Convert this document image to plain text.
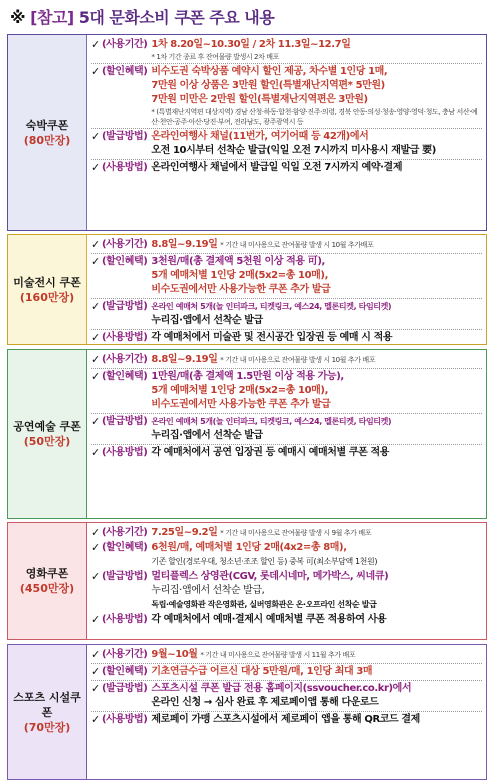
※ [참고] 5대 문화소비 쿠폰 주요 내용
숙박쿠폰
(80만장)
✓ (사용기간) 1차 8.20일~10.30일 / 2차 11.3일~12.7일
* 1차 기간 종료 후 잔여물량 발생시 2차 배포
✓ (할인혜택) 비수도권 숙박상품 예약시 할인 제공, 차수별 1인당 1매,
7만원 이상 상품은 3만원 할인(특별재난지역편* 5만원)
7만원 미만은 2만원 할인(특별재난지역편은 3만원)
* (특별재난지역편 대상지역) 경남 산청·하동·합천·함양·진주·의령, 경북 안동·의성·청송·영양·영덕·청도, 충남 서산·예산·천안·공주·아산·당진·부여, 전라남도, 광주광역시 등
✓ (발급방법) 온라인여행사 채널(11번가, 여기어때 등 42개)에서
오전 10시부터 선착순 발급(익일 오전 7시까지 미사용시 재발급 要)
✓ (사용방법) 온라인여행사 채널에서 발급일 익일 오전 7시까지 예약·결제
미술전시 쿠폰
(160만장)
✓ (사용기간) 8.8일~9.19일 * 기간 내 미사용으로 잔여물량 발생 시 10월 추가배포
✓ (할인혜택) 3천원/매(총 결제액 5천원 이상 적용 可),
5개 예매처별 1인당 2매(5x2=총 10매),
비수도권에서만 사용가능한 쿠폰 추가 발급
✓ (발급방법) 온라인 예매처 5개(놀 인터파크, 티켓링크, 예스24, 멜론티켓, 타임티켓)
누리집·앱에서 선착순 발급
✓ (사용방법) 각 예매처에서 미술관 및 전시공간 입장권 등 예매 시 적용
공연예술 쿠폰
(50만장)
✓ (사용기간) 8.8일~9.19일 * 기간 내 미사용으로 잔여물량 발생 시 10월 추가 배포
✓ (할인혜택) 1만원/매(총 결제액 1.5만원 이상 적용 가능),
5개 예매처별 1인당 2매(5x2=총 10매),
비수도권에서만 사용가능한 쿠폰 추가 발급
✓ (발급방법) 온라인 예매처 5개(놀 인터파크, 티켓링크, 예스24, 멜론티켓, 타임티켓)
누리집·앱에서 선착순 발급
✓ (사용방법) 각 예매처에서 공연 입장권 등 예매시 예매처별 쿠폰 적용
영화쿠폰
(450만장)
✓ (사용기간) 7.25일~9.2일 * 기간 내 미사용으로 잔여물량 발생 시 9월 추가 배포
✓ (할인혜택) 6천원/매, 예매처별 1인당 2매(4x2=총 8매),
기존 할인(경로우대, 청소년·조조 할인 등) 중복 可(최소부담액 1천원)
✓ (발급방법) 멀티플렉스 상영관(CGV, 롯데시네마, 메가박스, 씨네큐)
누리집·앱에서 선착순 발급,
독립·예술영화관 작은영화관, 실버영화관은 온·오프라인 선착순 발급
✓ (사용방법) 각 예매처에서 예매·결제시 예매처별 쿠폰 적용하여 사용
스포츠 시설쿠폰
(70만장)
✓ (사용기간) 9월~10월 * 기간 내 미사용으로 잔여물량 발생 시 11월 추가 배포
✓ (할인혜택) 기초연금수급 어르신 대상 5만원/매, 1인당 최대 3매
✓ (발급방법) 스포츠시설 쿠폰 발급 전용 홈페이지(ssvoucher.co.kr)에서
온라인 신청 → 심사 완료 후 제로페이앱 통해 다운로드
✓ (사용방법) 제로페이 가맹 스포츠시설에서 제로페이 앱을 통해 QR코드 결제
